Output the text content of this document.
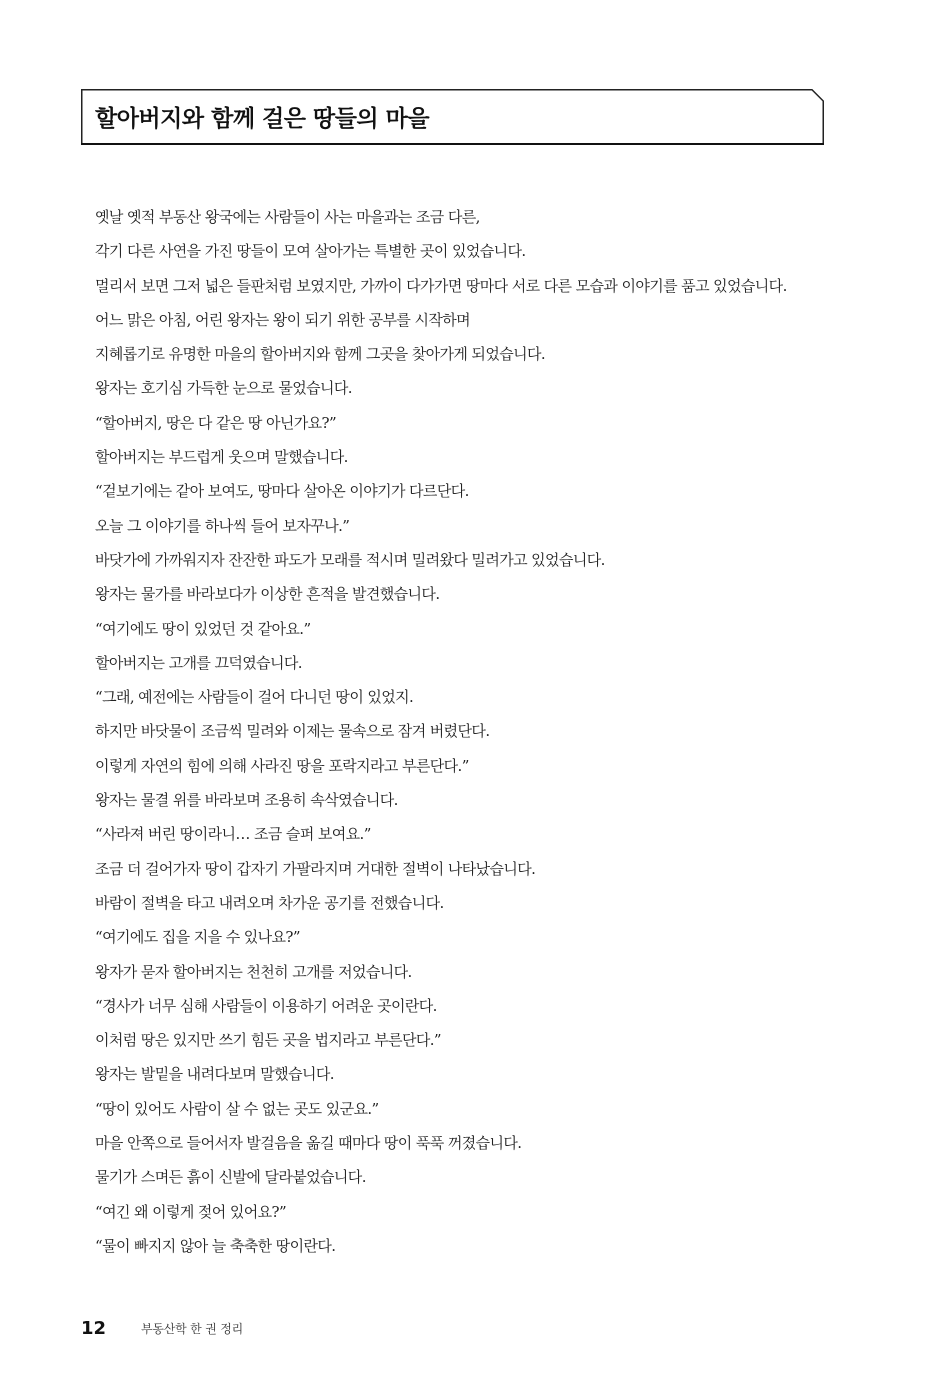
할아버지와 함께 걸은 땅들의 마을
옛날 옛적 부동산 왕국에는 사람들이 사는 마을과는 조금 다른,
각기 다른 사연을 가진 땅들이 모여 살아가는 특별한 곳이 있었습니다.
멀리서 보면 그저 넓은 들판처럼 보였지만, 가까이 다가가면 땅마다 서로 다른 모습과 이야기를 품고 있었습니다.
어느 맑은 아침, 어린 왕자는 왕이 되기 위한 공부를 시작하며
지혜롭기로 유명한 마을의 할아버지와 함께 그곳을 찾아가게 되었습니다.
왕자는 호기심 가득한 눈으로 물었습니다.
“할아버지, 땅은 다 같은 땅 아닌가요?”
할아버지는 부드럽게 웃으며 말했습니다.
“겉보기에는 같아 보여도, 땅마다 살아온 이야기가 다르단다.
오늘 그 이야기를 하나씩 들어 보자꾸나.”
바닷가에 가까워지자 잔잔한 파도가 모래를 적시며 밀려왔다 밀려가고 있었습니다.
왕자는 물가를 바라보다가 이상한 흔적을 발견했습니다.
“여기에도 땅이 있었던 것 같아요.”
할아버지는 고개를 끄덕였습니다.
“그래, 예전에는 사람들이 걸어 다니던 땅이 있었지.
하지만 바닷물이 조금씩 밀려와 이제는 물속으로 잠겨 버렸단다.
이렇게 자연의 힘에 의해 사라진 땅을 포락지라고 부른단다.”
왕자는 물결 위를 바라보며 조용히 속삭였습니다.
“사라져 버린 땅이라니… 조금 슬퍼 보여요.”
조금 더 걸어가자 땅이 갑자기 가팔라지며 거대한 절벽이 나타났습니다.
바람이 절벽을 타고 내려오며 차가운 공기를 전했습니다.
“여기에도 집을 지을 수 있나요?”
왕자가 묻자 할아버지는 천천히 고개를 저었습니다.
“경사가 너무 심해 사람들이 이용하기 어려운 곳이란다.
이처럼 땅은 있지만 쓰기 힘든 곳을 법지라고 부른단다.”
왕자는 발밑을 내려다보며 말했습니다.
“땅이 있어도 사람이 살 수 없는 곳도 있군요.”
마을 안쪽으로 들어서자 발걸음을 옮길 때마다 땅이 푹푹 꺼졌습니다.
물기가 스며든 흙이 신발에 달라붙었습니다.
“여긴 왜 이렇게 젖어 있어요?”
“물이 빠지지 않아 늘 축축한 땅이란다.
12	부동산학 한 권 정리
